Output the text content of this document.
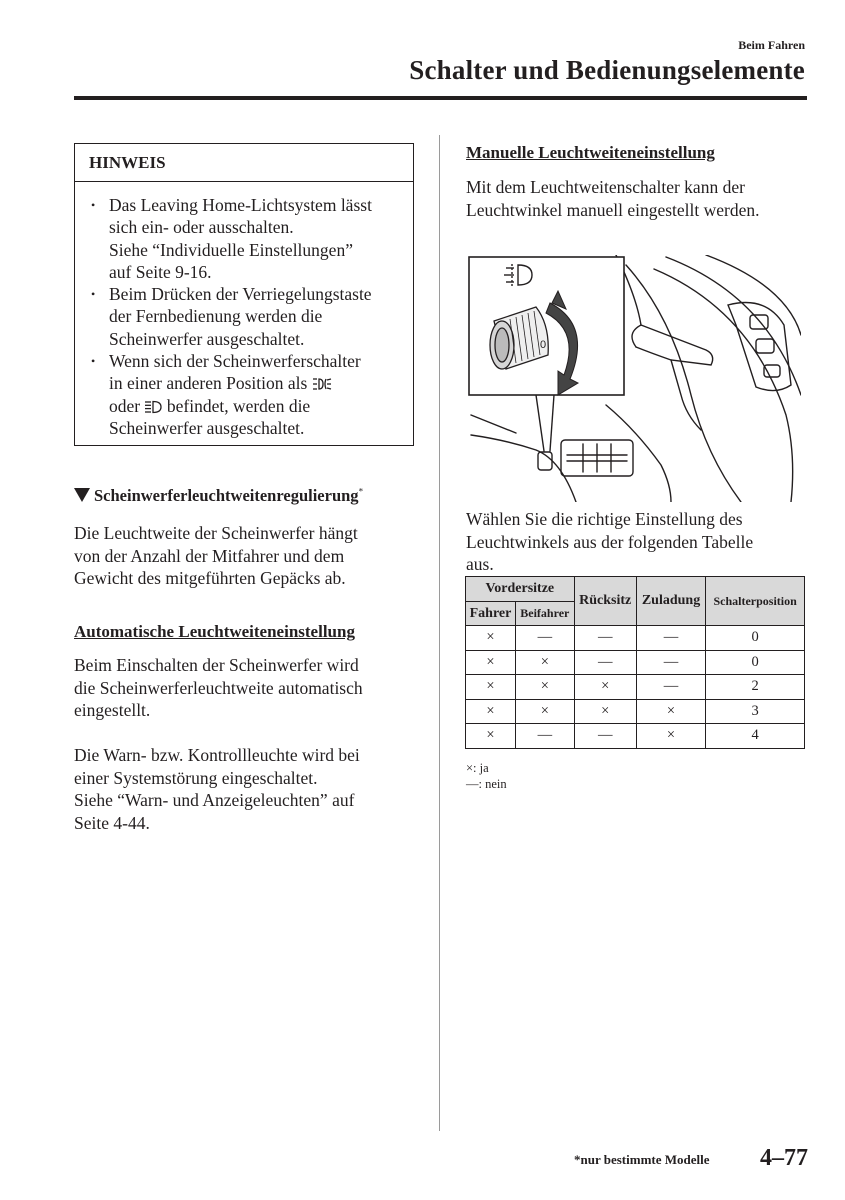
Beim Fahren
Schalter und Bedienungselemente
HINWEIS
• Das Leaving Home-Lichtsystem lässt
sich ein- oder ausschalten.
Siehe “Individuelle Einstellungen”
auf Seite 9-16.
• Beim Drücken der Verriegelungstaste
der Fernbedienung werden die
Scheinwerfer ausgeschaltet.
• Wenn sich der Scheinwerferschalter
in einer anderen Position als
oder befindet, werden die
Scheinwerfer ausgeschaltet.
Scheinwerferleuchtweitenregulierung*
Die Leuchtweite der Scheinwerfer hängt
von der Anzahl der Mitfahrer und dem
Gewicht des mitgeführten Gepäcks ab.
Automatische Leuchtweiteneinstellung
Beim Einschalten der Scheinwerfer wird
die Scheinwerferleuchtweite automatisch
eingestellt.
Die Warn- bzw. Kontrollleuchte wird bei
einer Systemstörung eingeschaltet.
Siehe “Warn- und Anzeigeleuchten” auf
Seite 4-44.
Manuelle Leuchtweiteneinstellung
Mit dem Leuchtweitenschalter kann der
Leuchtwinkel manuell eingestellt werden.
0
Wählen Sie die richtige Einstellung des
Leuchtwinkels aus der folgenden Tabelle
aus.
Vordersitze		Rücksitz	Zuladung	Schalterposition
Fahrer	Beifahrer			
×	—	—	—	0
×	×	—	—	0
×	×	×	—	2
×	×	×	×	3
×	—	—	×	4
×: ja
—: nein
*nur bestimmte Modelle 4–77
